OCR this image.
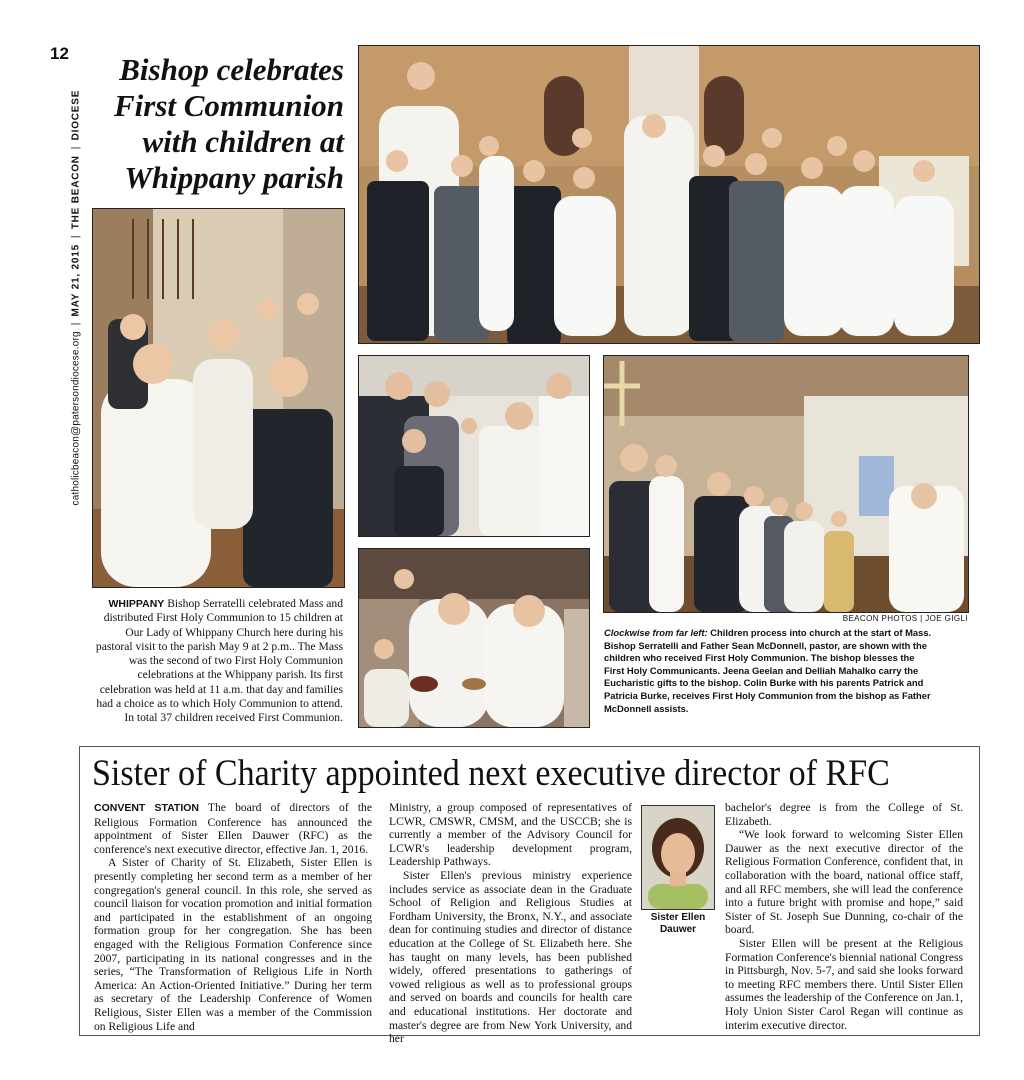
12
catholicbeacon@patersondiocese.org  |  MAY 21, 2015  |  THE BEACON  |  DIOCESE
Bishop celebrates
First Communion
with children at
Whippany parish
WHIPPANY Bishop Serratelli celebrated Mass and distributed First Holy Communion to 15 children at Our Lady of Whippany Church here during his pastoral visit to the parish May 9 at 2 p.m.. The Mass was the second of two First Holy Communion celebrations at the Whippany parish. Its first celebration was held at 11 a.m. that day and families had a choice as to which Holy Communion to attend. In total 37 children received First Communion.
BEACON PHOTOS | JOE GIGLI
Clockwise from far left: Children process into church at the start of Mass. Bishop Serratelli and Father Sean McDonnell, pastor, are shown with the children who received First Holy Communion. The bishop blesses the First Holy Communicants. Jeena Geelan and Delliah Mahalko carry the Eucharistic gifts to the bishop. Colin Burke with his parents Patrick and Patricia Burke, receives First Holy Communion from the bishop as Father McDonnell assists.
Sister of Charity appointed next executive director of RFC

CONVENT STATION The board of directors of the Religious Formation Conference has announced the appointment of Sister Ellen Dauwer (RFC) as the conference's next executive director, effective Jan. 1, 2016.

A Sister of Charity of St. Elizabeth, Sister Ellen is presently completing her second term as a member of her congregation's general council. In this role, she served as council liaison for vocation promotion and initial formation and participated in the establishment of an ongoing formation group for her congregation. She has been engaged with the Religious Formation Conference since 2007, participating in its national congresses and in the series, “The Transformation of Religious Life in North America: An Action-Oriented Initiative.” During her term as secretary of the Leadership Conference of Women Religious, Sister Ellen was a member of the Commission on Religious Life and

Ministry, a group composed of representatives of LCWR, CMSWR, CMSM, and the USCCB; she is currently a member of the Advisory Council for LCWR's leadership development program, Leadership Pathways.

Sister Ellen's previous ministry experience includes service as associate dean in the Graduate School of Religion and Religious Studies at Fordham University, the Bronx, N.Y., and associate dean for continuing studies and director of distance education at the College of St. Elizabeth here. She has taught on many levels, has been published widely, offered presentations to gatherings of vowed religious as well as to professional groups and served on boards and councils for health care and educational institutions. Her doctorate and master's degree are from New York University, and her

Sister Ellen
Dauwer

bachelor's degree is from the College of St. Elizabeth.

“We look forward to welcoming Sister Ellen Dauwer as the next executive director of the Religious Formation Conference, confident that, in collaboration with the board, national office staff, and all RFC members, she will lead the conference into a future bright with promise and hope,” said Sister of St. Joseph Sue Dunning, co-chair of the board.

Sister Ellen will be present at the Religious Formation Conference's biennial national Congress in Pittsburgh, Nov. 5-7, and said she looks forward to meeting RFC members there. Until Sister Ellen assumes the leadership of the Conference on Jan.1, Holy Union Sister Carol Regan will continue as interim executive director.
